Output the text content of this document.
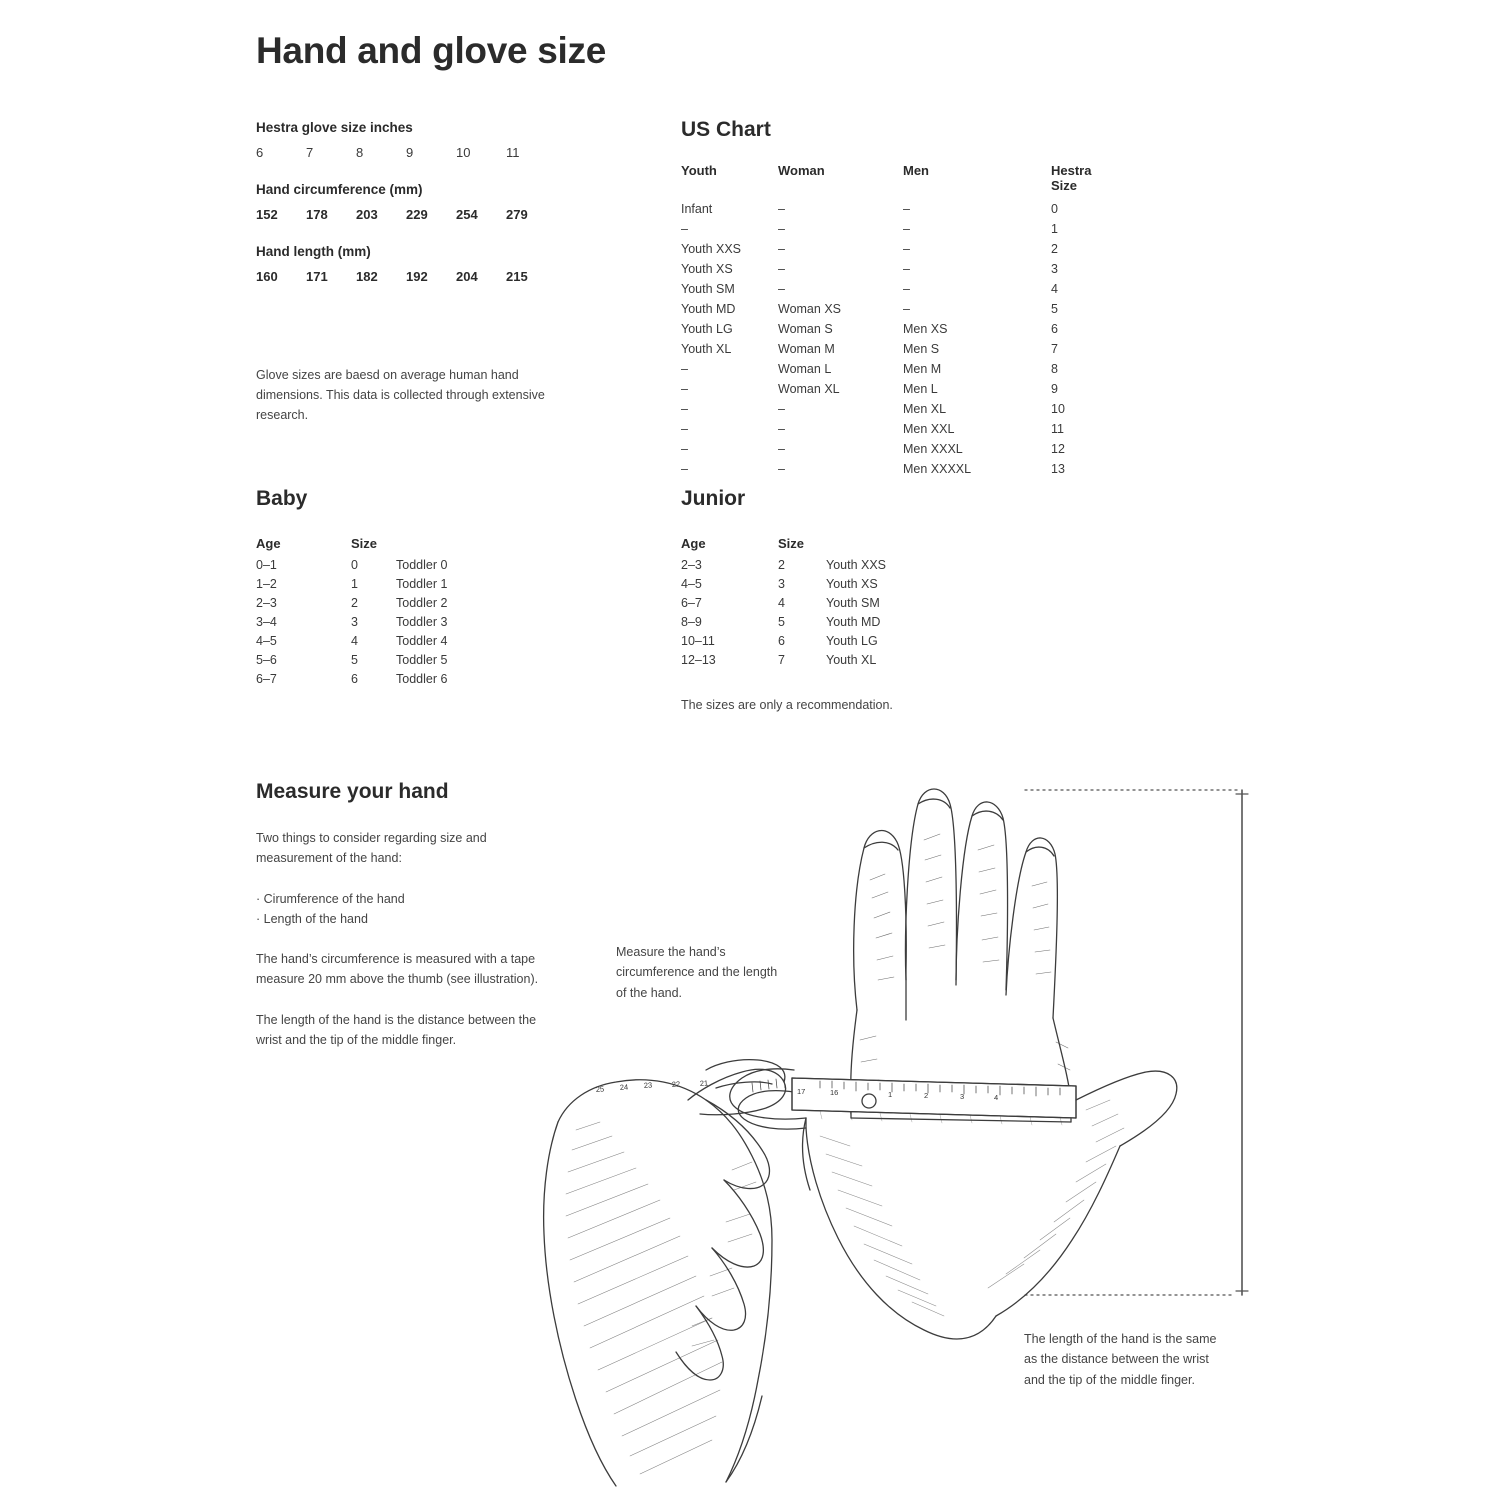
Hand and glove size
Hestra glove size inches
6	7	8	9	10	11
Hand circumference (mm)
152	178	203	229	254	279
Hand length (mm)
160	171	182	192	204	215

Glove sizes are baesd on average human hand dimensions. This data is collected through extensive research.

US Chart
Youth	Woman	Men	Hestra Size
Infant	–	–	0
–	–	–	1
Youth XXS	–	–	2
Youth XS	–	–	3
Youth SM	–	–	4
Youth MD	Woman XS	–	5
Youth LG	Woman S	Men XS	6
Youth XL	Woman M	Men S	7
–	Woman L	Men M	8
–	Woman XL	Men L	9
–	–	Men XL	10
–	–	Men XXL	11
–	–	Men XXXL	12
–	–	Men XXXXL	13
Baby
Age	Size
0–1	0	Toddler 0
1–2	1	Toddler 1
2–3	2	Toddler 2
3–4	3	Toddler 3
4–5	4	Toddler 4
5–6	5	Toddler 5
6–7	6	Toddler 6
Junior
Age	Size
2–3	2	Youth XXS
4–5	3	Youth XS
6–7	4	Youth SM
8–9	5	Youth MD
10–11	6	Youth LG
12–13	7	Youth XL
The sizes are only a recommendation.
Measure your hand

Two things to consider regarding size and measurement of the hand:

· Cirumference of the hand
· Length of the hand

The hand’s circumference is measured with a tape measure 20 mm above the thumb (see illustration).

The length of the hand is the distance between the wrist and the tip of the middle finger.

Measure the hand’s circumference and the length of the hand.
The length of the hand is the same as the distance between the wrist and the tip of the middle finger.
25 24 23	22	21
17	16	1	2	3	4
